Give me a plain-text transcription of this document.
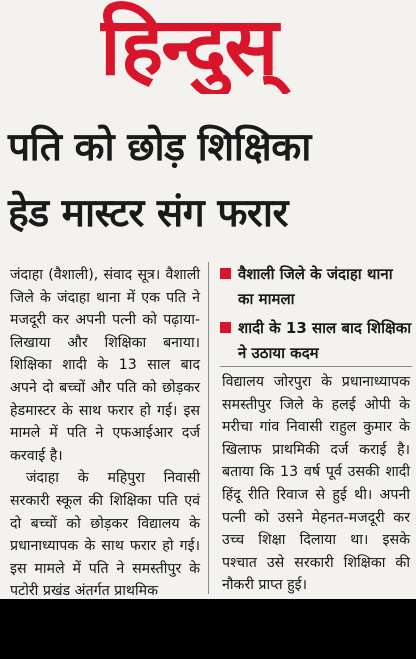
हिन्दुस्
पति को छोड़ शिक्षिका
हेड मास्टर संग फरार

जंदाहा (वैशाली), संवाद सूत्र। वैशाली जिले के जंदाहा थाना में एक पति ने मजदूरी कर अपनी पत्नी को पढ़ाया-लिखाया और शिक्षिका बनाया। शिक्षिका शादी के 13 साल बाद अपने दो बच्चों और पति को छोड़कर हेडमास्टर के साथ फरार हो गई। इस मामले में पति ने एफआईआर दर्ज करवाई है।

जंदाहा के महिपुरा निवासी सरकारी स्कूल की शिक्षिका पति एवं दो बच्चों को छोड़कर विद्यालय के प्रधानाध्यापक के साथ फरार हो गई। इस मामले में पति ने समस्तीपुर के पटोरी प्रखंड अंतर्गत प्राथमिक

वैशाली जिले के जंदाहा थाना का मामला
शादी के 13 साल बाद शिक्षिका ने उठाया कदम

विद्यालय जोरपुरा के प्रधानाध्यापक समस्तीपुर जिले के हलई ओपी के मरीचा गांव निवासी राहुल कुमार के खिलाफ प्राथमिकी दर्ज कराई है। बताया कि 13 वर्ष पूर्व उसकी शादी हिंदू रीति रिवाज से हुई थी। अपनी पत्नी को उसने मेहनत-मजदूरी कर उच्च शिक्षा दिलाया था। इसके पश्चात उसे सरकारी शिक्षिका की नौकरी प्राप्त हुई।
